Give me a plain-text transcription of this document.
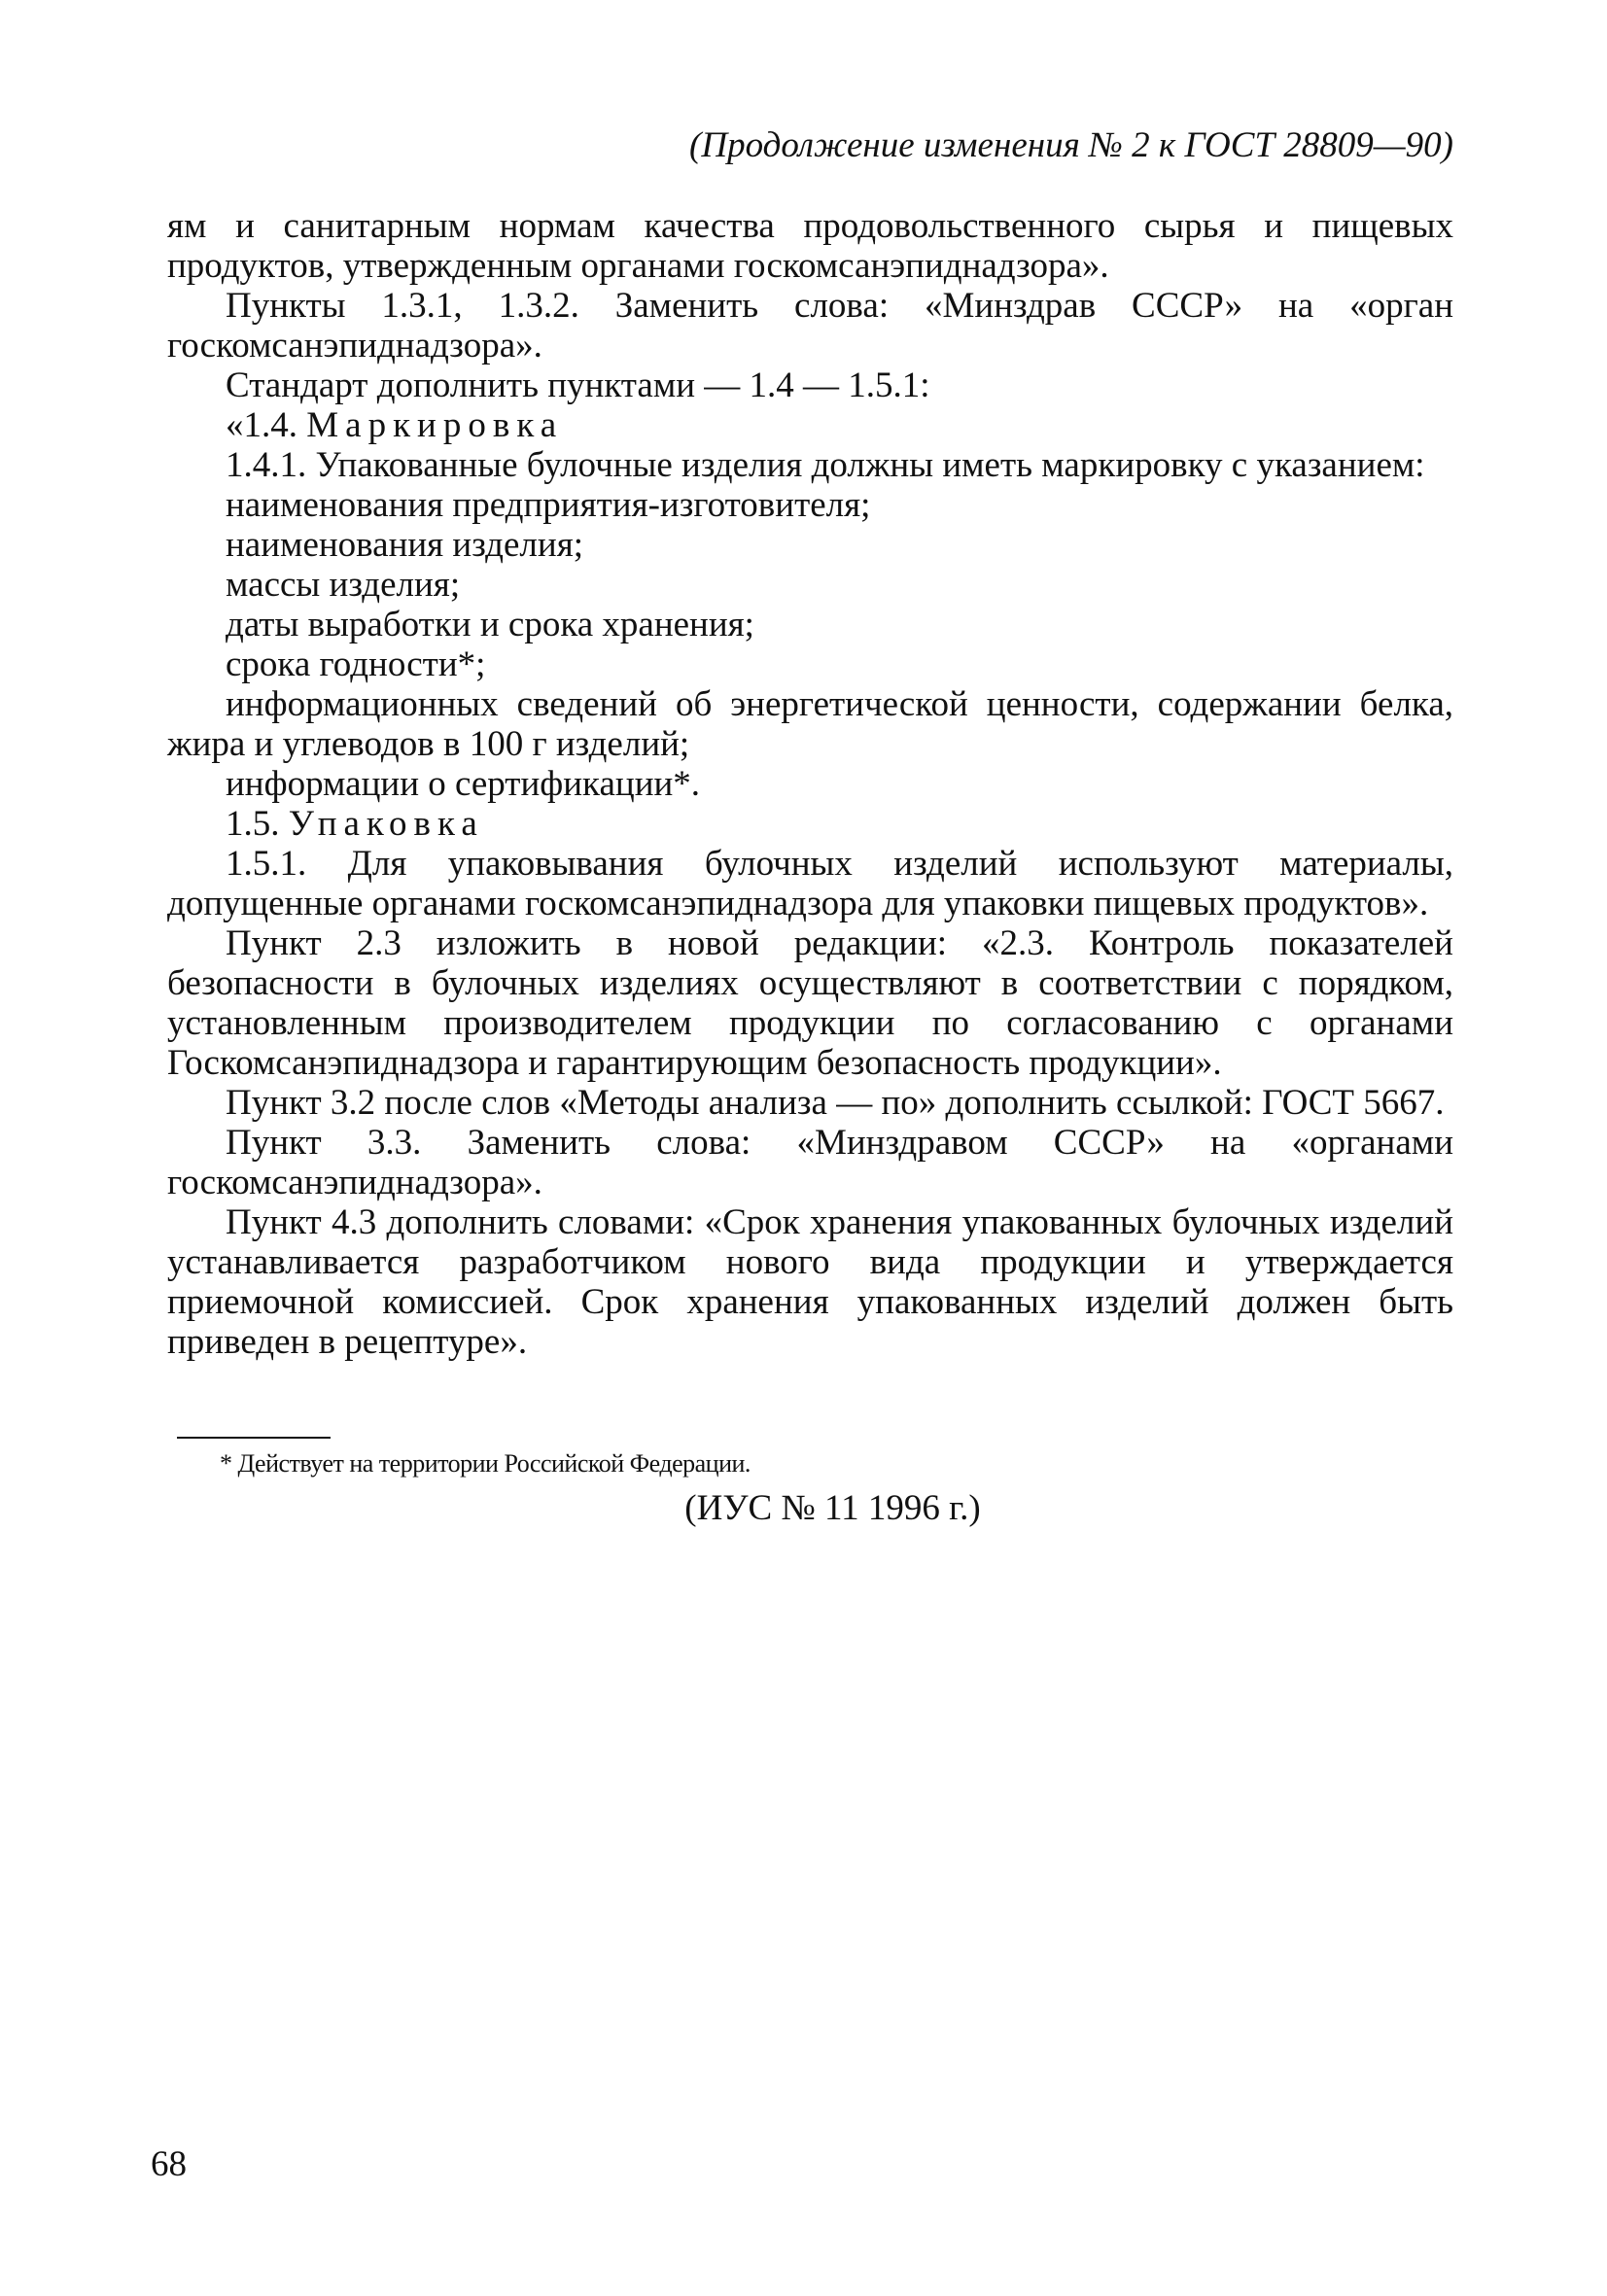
(Продолжение изменения № 2 к ГОСТ 28809—90)

ям и санитарным нормам качества продовольственного сырья и пищевых продуктов, утвержденным органами госкомсанэпиднадзора».

Пункты 1.3.1, 1.3.2. Заменить слова: «Минздрав СССР» на «орган госкомсанэпиднадзора».

Стандарт дополнить пунктами — 1.4 — 1.5.1:

«1.4. Маркировка

1.4.1. Упакованные булочные изделия должны иметь маркировку с указанием:

наименования предприятия-изготовителя;

наименования изделия;

массы изделия;

даты выработки и срока хранения;

срока годности*;

информационных сведений об энергетической ценности, содержании белка, жира и углеводов в 100 г изделий;

информации о сертификации*.

1.5. Упаковка

1.5.1. Для упаковывания булочных изделий используют материалы, допущенные органами госкомсанэпиднадзора для упаковки пищевых продуктов».

Пункт 2.3 изложить в новой редакции: «2.3. Контроль показателей безопасности в булочных изделиях осуществляют в соответствии с порядком, установленным производителем продукции по согласованию с органами Госкомсанэпиднадзора и гарантирующим безопасность продукции».

Пункт 3.2 после слов «Методы анализа — по» дополнить ссылкой: ГОСТ 5667.

Пункт 3.3. Заменить слова: «Минздравом СССР» на «органами госкомсанэпиднадзора».

Пункт 4.3 дополнить словами: «Срок хранения упакованных булочных изделий устанавливается разработчиком нового вида продукции и утверждается приемочной комиссией. Срок хранения упакованных изделий должен быть приведен в рецептуре».

* Действует на территории Российской Федерации.
(ИУС № 11 1996 г.)
68
